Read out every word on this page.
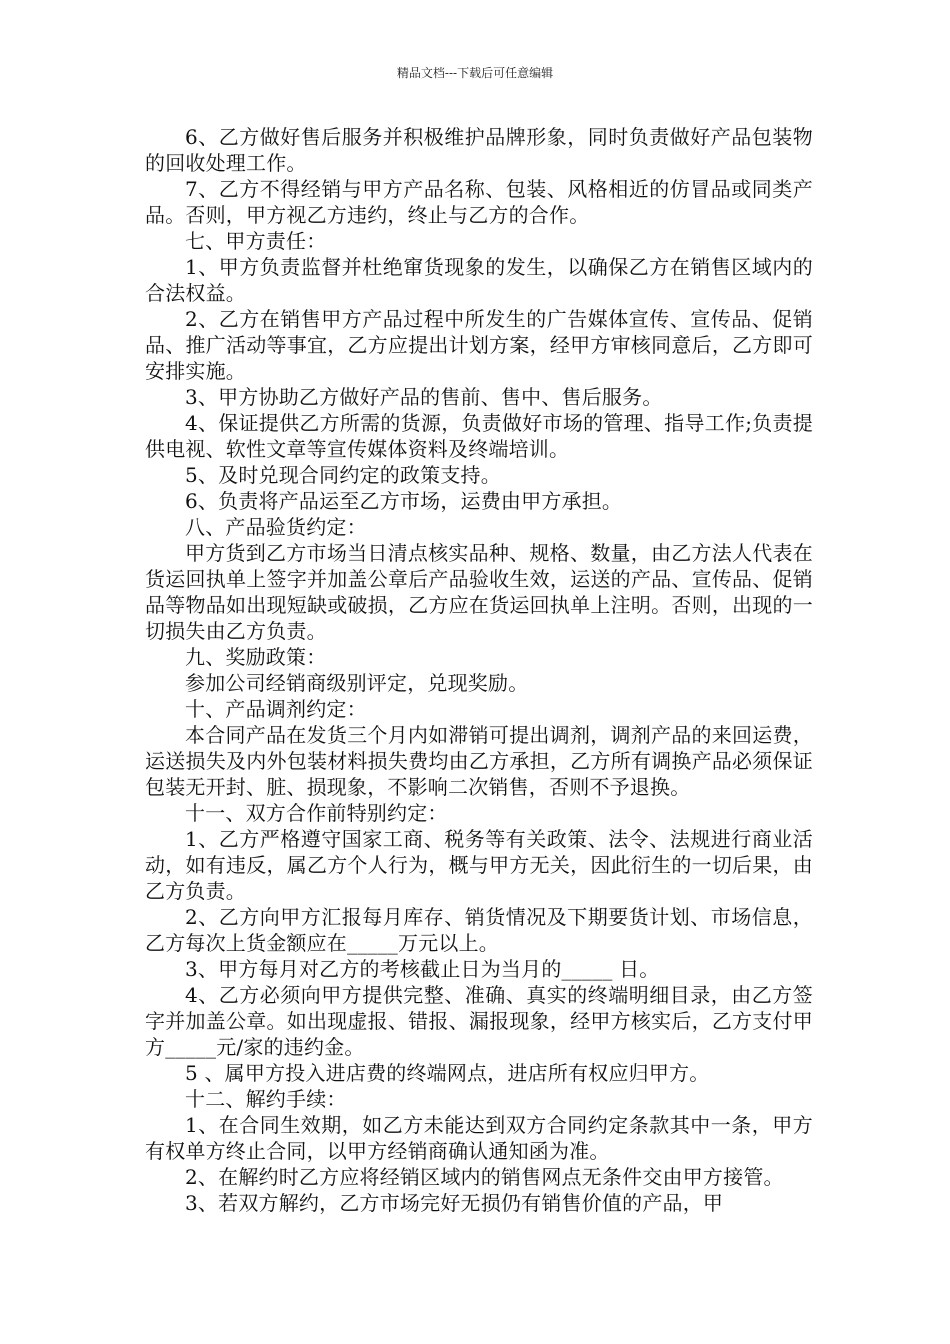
精品文档---下载后可任意编辑

6、乙方做好售后服务并积极维护品牌形象，同时负责做好产品包装物的回收处理工作。

7、乙方不得经销与甲方产品名称、包装、风格相近的仿冒品或同类产品。否则，甲方视乙方违约，终止与乙方的合作。

七、甲方责任：

1、甲方负责监督并杜绝窜货现象的发生，以确保乙方在销售区域内的合法权益。

2、乙方在销售甲方产品过程中所发生的广告媒体宣传、宣传品、促销品、推广活动等事宜，乙方应提出计划方案，经甲方审核同意后，乙方即可安排实施。

3、甲方协助乙方做好产品的售前、售中、售后服务。

4、保证提供乙方所需的货源，负责做好市场的管理、指导工作;负责提供电视、软性文章等宣传媒体资料及终端培训。

5、及时兑现合同约定的政策支持。

6、负责将产品运至乙方市场，运费由甲方承担。

八、产品验货约定：

甲方货到乙方市场当日清点核实品种、规格、数量，由乙方法人代表在货运回执单上签字并加盖公章后产品验收生效，运送的产品、宣传品、促销品等物品如出现短缺或破损，乙方应在货运回执单上注明。否则，出现的一切损失由乙方负责。

九、奖励政策：

参加公司经销商级别评定，兑现奖励。

十、产品调剂约定：

本合同产品在发货三个月内如滞销可提出调剂，调剂产品的来回运费，运送损失及内外包装材料损失费均由乙方承担，乙方所有调换产品必须保证包装无开封、脏、损现象，不影响二次销售，否则不予退换。

十一、双方合作前特别约定：

1、乙方严格遵守国家工商、税务等有关政策、法令、法规进行商业活动，如有违反，属乙方个人行为，概与甲方无关，因此衍生的一切后果，由乙方负责。

2、乙方向甲方汇报每月库存、销货情况及下期要货计划、市场信息，乙方每次上货金额应在_____万元以上。

3、甲方每月对乙方的考核截止日为当月的_____ 日。

4、乙方必须向甲方提供完整、准确、真实的终端明细目录，由乙方签字并加盖公章。如出现虚报、错报、漏报现象，经甲方核实后，乙方支付甲方_____元/家的违约金。

5 、属甲方投入进店费的终端网点，进店所有权应归甲方。

十二、解约手续：

1、在合同生效期，如乙方未能达到双方合同约定条款其中一条，甲方有权单方终止合同，以甲方经销商确认通知函为准。

2、在解约时乙方应将经销区域内的销售网点无条件交由甲方接管。

3、若双方解约，乙方市场完好无损仍有销售价值的产品，甲
